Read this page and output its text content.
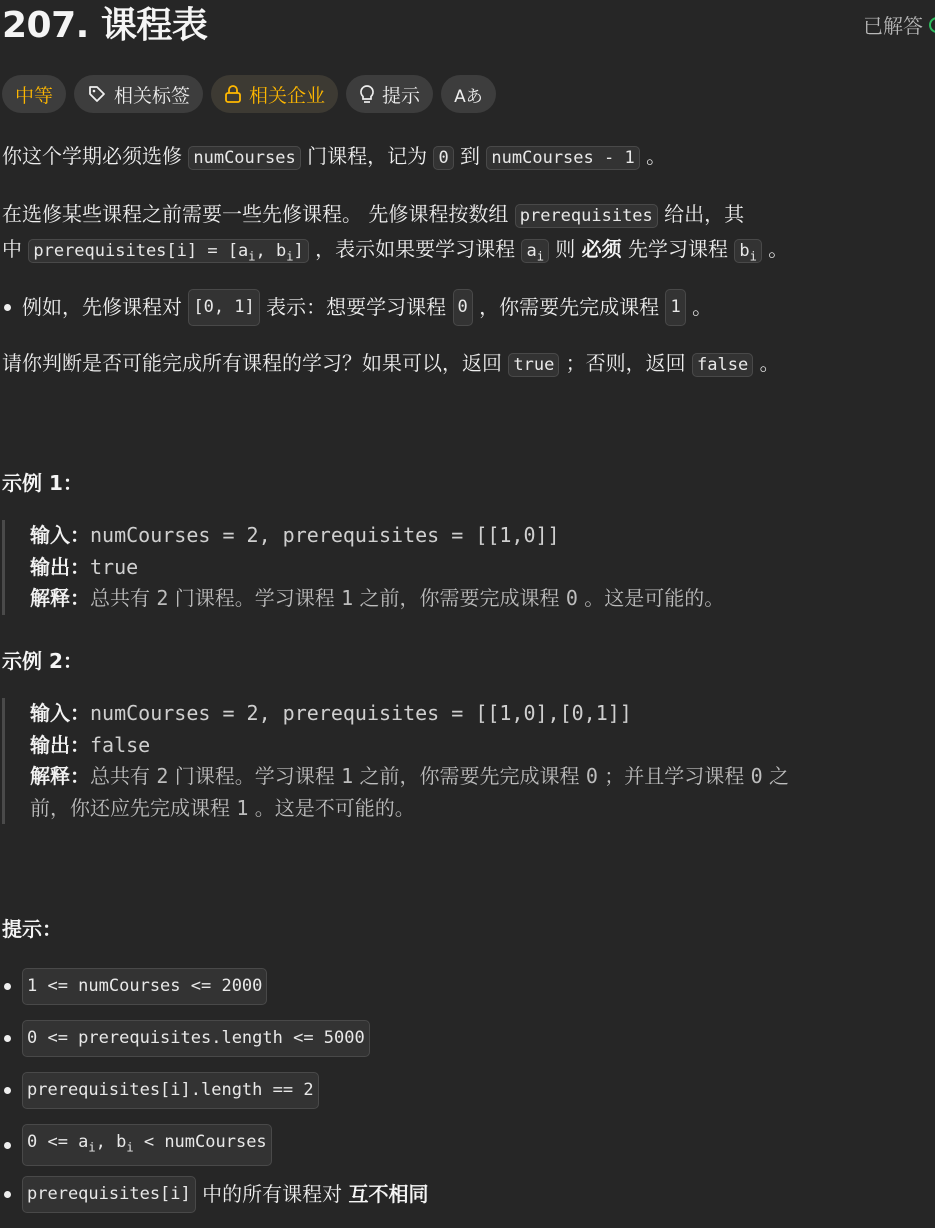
207. 课程表	已解答
中等	相关标签	相关企业	提示 Aあ

你这个学期必须选修 numCourses 门课程，记为 0 到 numCourses - 1 。

在选修某些课程之前需要一些先修课程。 先修课程按数组 prerequisites 给出，其
中 prerequisites[i] = [$a_i$, $b_i$] ，表示如果要学习课程 $a_i$ 则 必须 先学习课程 $b_i$ 。

例如，先修课程对
[0, 1]
表示：想要学习课程
0
，你需要先完成课程
1
。

请你判断是否可能完成所有课程的学习？如果可以，返回 true ；否则，返回 false 。

示例 1：
输入：numCourses = 2, prerequisites = [[1,0]]
输出：true
解释：总共有 2 门课程。学习课程 1 之前，你需要完成课程 0 。这是可能的。
示例 2：
输入：numCourses = 2, prerequisites = [[1,0],[0,1]]
输出：false
解释：总共有 2 门课程。学习课程 1 之前，你需要先完成课程 0 ；并且学习课程 0 之
前，你还应先完成课程 1 。这是不可能的。
提示：
1 <= numCourses <= 2000
0 <= prerequisites.length <= 5000
prerequisites[i].length == 2
$0 <= a_i$, $b_i$ < numCourses
prerequisites[i]
中的所有课程对
互不相同
